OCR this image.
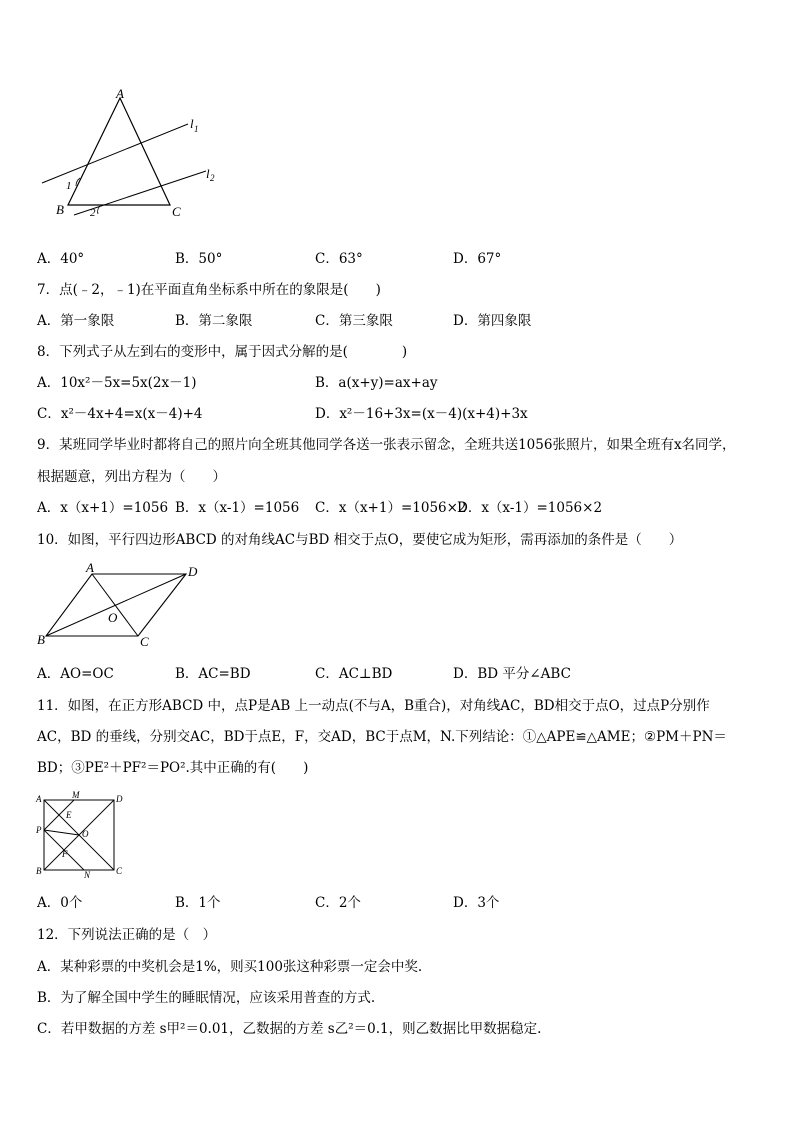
A
B	C
l 1
l 2
1
2
A．40°	B．50°	C．63°	D．67°
7．点(﹣2，﹣1)在平面直角坐标系中所在的象限是(　　)
A．第一象限	B．第二象限	C．第三象限	D．第四象限
8．下列式子从左到右的变形中，属于因式分解的是(　　　　)
A．10x²－5x=5x(2x－1)	B．a(x+y)=ax+ay
C．x²－4x+4=x(x－4)+4	D．x²－16+3x=(x－4)(x+4)+3x
9．某班同学毕业时都将自己的照片向全班其他同学各送一张表示留念，全班共送1056张照片，如果全班有x名同学，
根据题意，列出方程为（　　）
A．x（x+1）=1056 B．x（x-1）=1056 C．x（x+1）=1056×2
D．x（x-1）=1056×2
10．如图，平行四边形ABCD 的对角线AC与BD 相交于点O，要使它成为矩形，需再添加的条件是（　　）
A	D
B	C
O
A．AO=OC	B．AC=BD	C．AC⊥BD	D．BD 平分∠ABC
11．如图，在正方形ABCD 中，点P是AB 上一动点(不与A，B重合)，对角线AC，BD相交于点O，过点P分别作
AC，BD 的垂线，分别交AC，BD于点E，F，交AD，BC于点M，N.下列结论：①△APE≌△AME；②PM＋PN＝
BD；③PE²＋PF²＝PO².其中正确的有(　　)
A	M	D
P
E
O
F
B	N	C
A．0个	B．1个	C．2个	D．3个
12．下列说法正确的是（　）
A．某种彩票的中奖机会是1%，则买100张这种彩票一定会中奖.
B．为了解全国中学生的睡眠情况，应该采用普查的方式.
C．若甲数据的方差 s甲²＝0.01，乙数据的方差 s乙²＝0.1，则乙数据比甲数据稳定.
